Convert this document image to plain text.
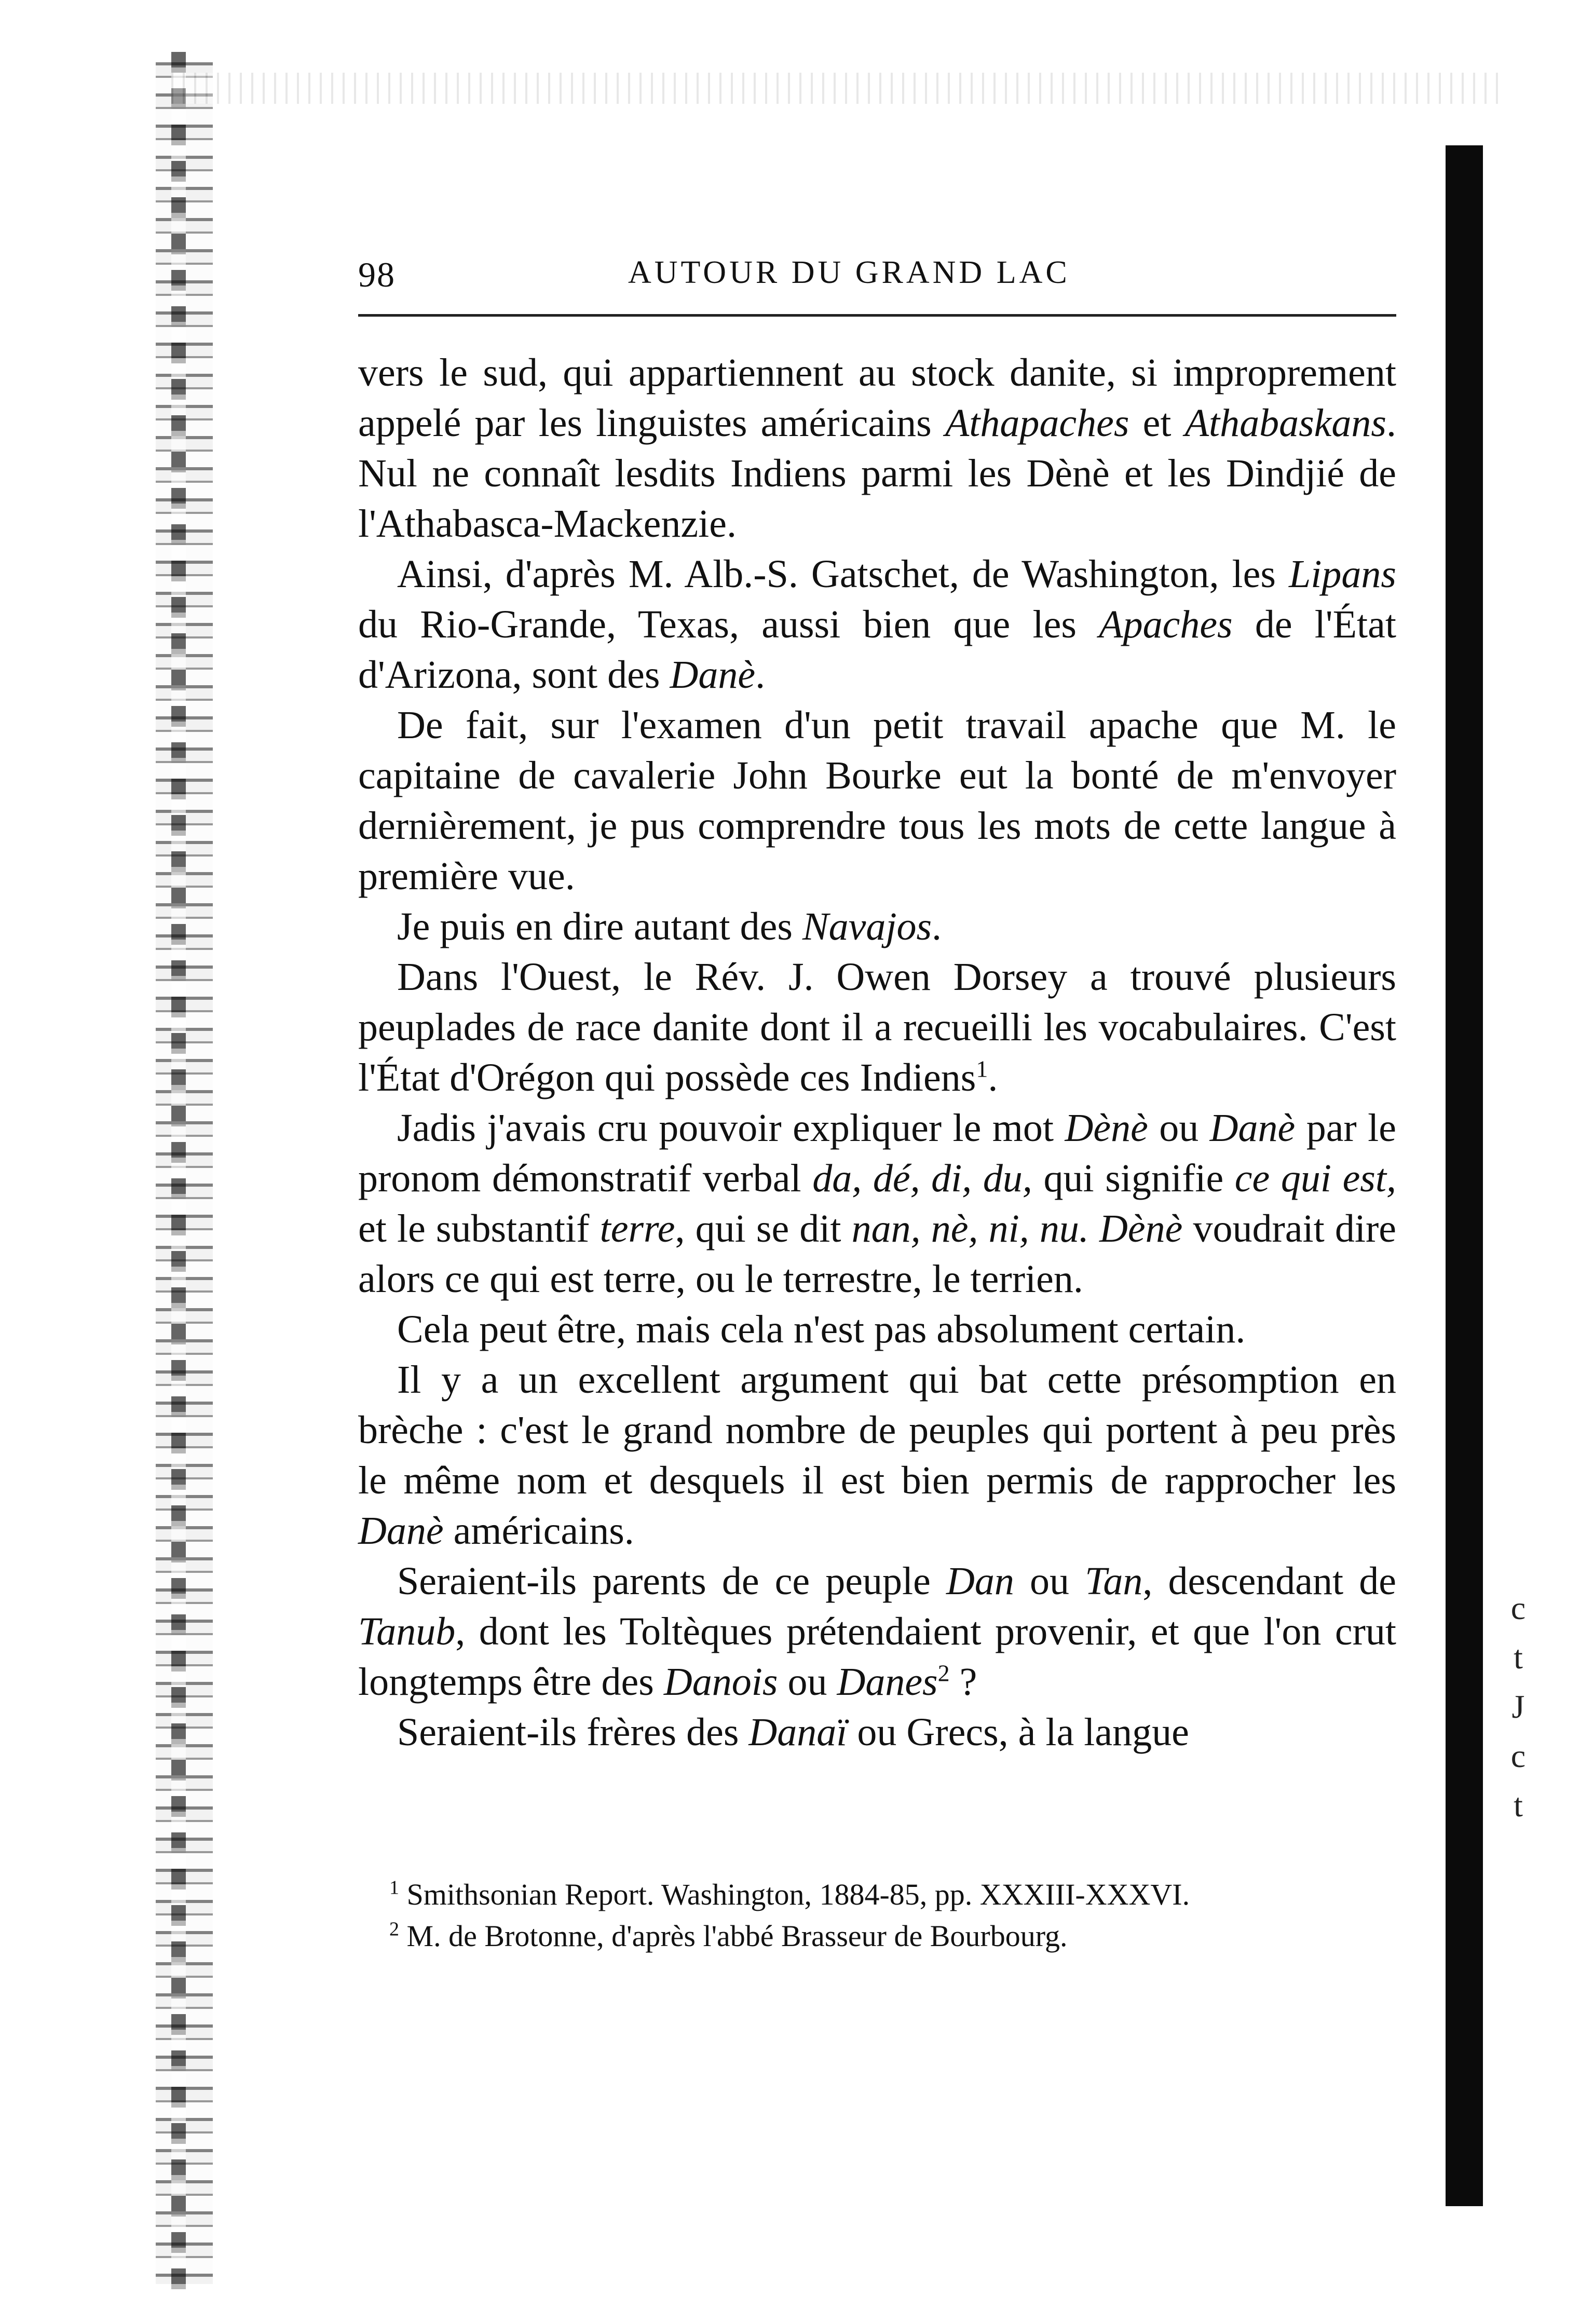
98	AUTOUR DU GRAND LAC

vers le sud, qui appartiennent au stock danite, si improprement appelé par les linguistes américains Athapaches et Athabaskans. Nul ne connaît lesdits Indiens parmi les Dènè et les Dindjié de l'Athabasca-Mackenzie.

Ainsi, d'après M. Alb.-S. Gatschet, de Washington, les Lipans du Rio-Grande, Texas, aussi bien que les Apaches de l'État d'Arizona, sont des Danè.

De fait, sur l'examen d'un petit travail apache que M. le capitaine de cavalerie John Bourke eut la bonté de m'envoyer dernièrement, je pus comprendre tous les mots de cette langue à première vue.

Je puis en dire autant des Navajos.

Dans l'Ouest, le Rév. J. Owen Dorsey a trouvé plusieurs peuplades de race danite dont il a recueilli les vocabulaires. C'est l'État d'Orégon qui possède ces Indiens$^1$.

Jadis j'avais cru pouvoir expliquer le mot Dènè ou Danè par le pronom démonstratif verbal da, dé, di, du, qui signifie ce qui est, et le substantif terre, qui se dit nan, nè, ni, nu. Dènè voudrait dire alors ce qui est terre, ou le terrestre, le terrien.

Cela peut être, mais cela n'est pas absolument certain.

Il y a un excellent argument qui bat cette présomption en brèche : c'est le grand nombre de peuples qui portent à peu près le même nom et desquels il est bien permis de rapprocher les Danè américains.

Seraient-ils parents de ce peuple Dan ou Tan, descendant de Tanub, dont les Toltèques prétendaient provenir, et que l'on crut longtemps être des Danois ou Danes$^2$ ?

Seraient-ils frères des Danaï ou Grecs, à la langue

$^1$ Smithsonian Report. Washington, 1884-85, pp. XXXIII-XXXVI.

$^2$ M. de Brotonne, d'après l'abbé Brasseur de Bourbourg.

c
t
J
c
t
